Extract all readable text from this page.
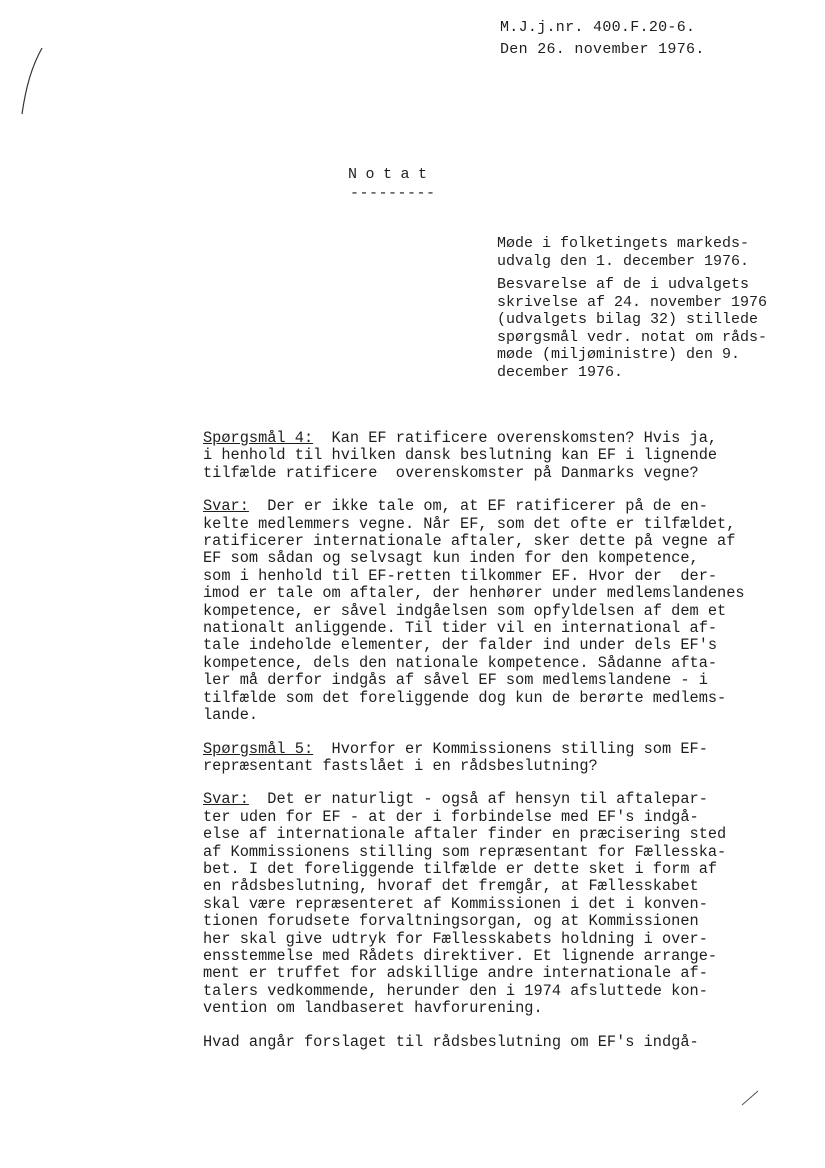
M.J.j.nr. 400.F.20-6.
Den 26. november 1976.
Notat
---------

Møde i folketingets markeds-
udvalg den 1. december 1976.

Besvarelse af de i udvalgets
skrivelse af 24. november 1976
(udvalgets bilag 32) stillede
spørgsmål vedr. notat om råds-
møde (miljøministre) den 9.
december 1976.

Spørgsmål 4:  Kan EF ratificere overenskomsten? Hvis ja,
i henhold til hvilken dansk beslutning kan EF i lignende
tilfælde ratificere  overenskomster på Danmarks vegne?
Svar:  Der er ikke tale om, at EF ratificerer på de en-
kelte medlemmers vegne. Når EF, som det ofte er tilfældet,
ratificerer internationale aftaler, sker dette på vegne af
EF som sådan og selvsagt kun inden for den kompetence,
som i henhold til EF-retten tilkommer EF. Hvor der  der-
imod er tale om aftaler, der henhører under medlemslandenes
kompetence, er såvel indgåelsen som opfyldelsen af dem et
nationalt anliggende. Til tider vil en international af-
tale indeholde elementer, der falder ind under dels EF's
kompetence, dels den nationale kompetence. Sådanne afta-
ler må derfor indgås af såvel EF som medlemslandene - i
tilfælde som det foreliggende dog kun de berørte medlems-
lande.
Spørgsmål 5:  Hvorfor er Kommissionens stilling som EF-
repræsentant fastslået i en rådsbeslutning?
Svar:  Det er naturligt - også af hensyn til aftalepar-
ter uden for EF - at der i forbindelse med EF's indgå-
else af internationale aftaler finder en præcisering sted
af Kommissionens stilling som repræsentant for Fællesska-
bet. I det foreliggende tilfælde er dette sket i form af
en rådsbeslutning, hvoraf det fremgår, at Fællesskabet
skal være repræsenteret af Kommissionen i det i konven-
tionen forudsete forvaltningsorgan, og at Kommissionen
her skal give udtryk for Fællesskabets holdning i over-
ensstemmelse med Rådets direktiver. Et lignende arrange-
ment er truffet for adskillige andre internationale af-
talers vedkommende, herunder den i 1974 afsluttede kon-
vention om landbaseret havforurening.
Hvad angår forslaget til rådsbeslutning om EF's indgå-
